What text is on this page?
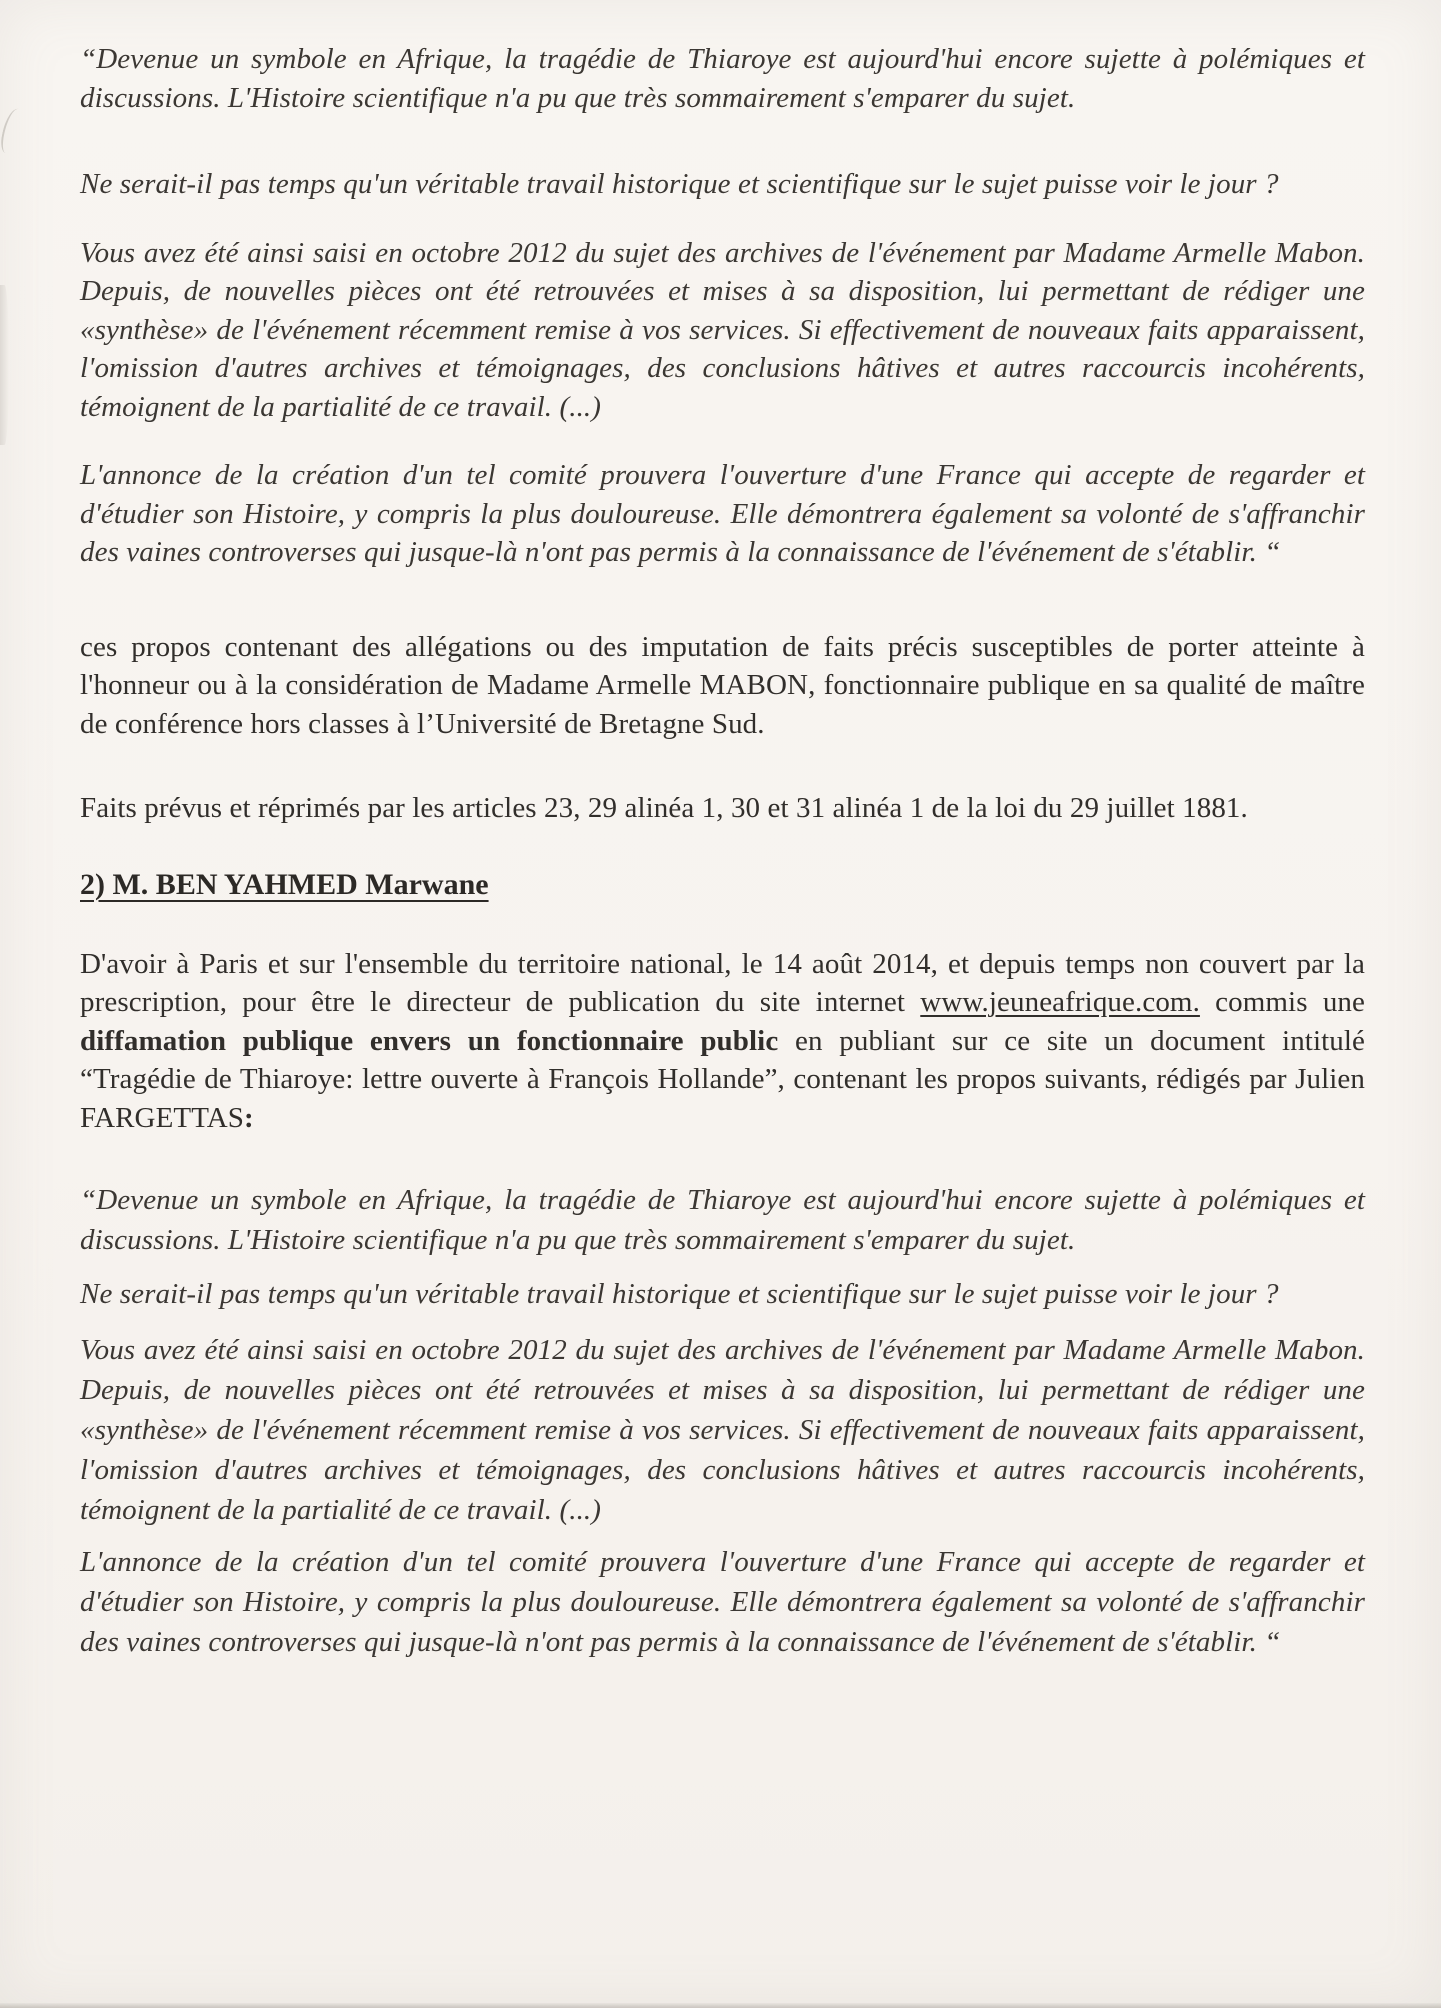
“Devenue un symbole en Afrique, la tragédie de Thiaroye est aujourd'hui encore sujette à polémiques et discussions. L'Histoire scientifique n'a pu que très sommairement s'emparer du sujet.

Ne serait-il pas temps qu'un véritable travail historique et scientifique sur le sujet puisse voir le jour ?

Vous avez été ainsi saisi en octobre 2012 du sujet des archives de l'événement par Madame Armelle Mabon. Depuis, de nouvelles pièces ont été retrouvées et mises à sa disposition, lui permettant de rédiger une «synthèse» de l'événement récemment remise à vos services. Si effectivement de nouveaux faits apparaissent, l'omission d'autres archives et témoignages, des conclusions hâtives et autres raccourcis incohérents, témoignent de la partialité de ce travail. (...)

L'annonce de la création d'un tel comité prouvera l'ouverture d'une France qui accepte de regarder et d'étudier son Histoire, y compris la plus douloureuse. Elle démontrera également sa volonté de s'affranchir des vaines controverses qui jusque-là n'ont pas permis à la connaissance de l'événement de s'établir. “

ces propos contenant des allégations ou des imputation de faits précis susceptibles de porter atteinte à l'honneur ou à la considération de Madame Armelle MABON, fonctionnaire publique en sa qualité de maître de conférence hors classes à l’Université de Bretagne Sud.

Faits prévus et réprimés par les articles 23, 29 alinéa 1, 30 et 31 alinéa 1 de la loi du 29 juillet 1881.

2) M. BEN YAHMED Marwane

D'avoir à Paris et sur l'ensemble du territoire national, le 14 août 2014, et depuis temps non couvert par la prescription, pour être le directeur de publication du site internet www.jeuneafrique.com. commis une diffamation publique envers un fonctionnaire public en publiant sur ce site un document intitulé “Tragédie de Thiaroye: lettre ouverte à François Hollande”, contenant les propos suivants, rédigés par Julien FARGETTAS:

“Devenue un symbole en Afrique, la tragédie de Thiaroye est aujourd'hui encore sujette à polémiques et discussions. L'Histoire scientifique n'a pu que très sommairement s'emparer du sujet.

Ne serait-il pas temps qu'un véritable travail historique et scientifique sur le sujet puisse voir le jour ?

Vous avez été ainsi saisi en octobre 2012 du sujet des archives de l'événement par Madame Armelle Mabon. Depuis, de nouvelles pièces ont été retrouvées et mises à sa disposition, lui permettant de rédiger une «synthèse» de l'événement récemment remise à vos services. Si effectivement de nouveaux faits apparaissent, l'omission d'autres archives et témoignages, des conclusions hâtives et autres raccourcis incohérents, témoignent de la partialité de ce travail. (...)

L'annonce de la création d'un tel comité prouvera l'ouverture d'une France qui accepte de regarder et d'étudier son Histoire, y compris la plus douloureuse. Elle démontrera également sa volonté de s'affranchir des vaines controverses qui jusque-là n'ont pas permis à la connaissance de l'événement de s'établir. “
